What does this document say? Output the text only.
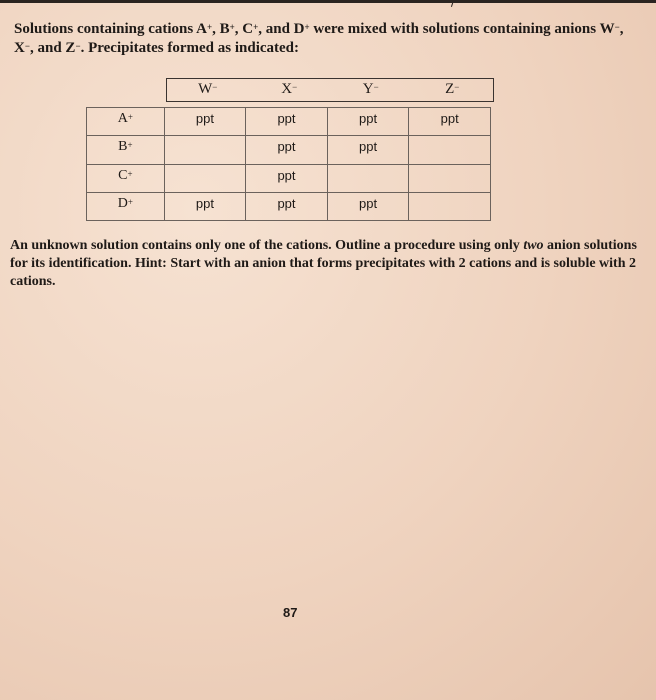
Solutions containing cations A+, B+, C+, and D+ were mixed with solutions containing anions W−, X−, and Z−. Precipitates formed as indicated:
W−	X−	Y−	Z−
A+	ppt	ppt	ppt	ppt
B+		ppt	ppt	
C+		ppt		
D+	ppt	ppt	ppt	
An unknown solution contains only one of the cations. Outline a procedure using only two anion solutions for its identification. Hint: Start with an anion that forms precipitates with 2 cations and is soluble with 2 cations.
87
